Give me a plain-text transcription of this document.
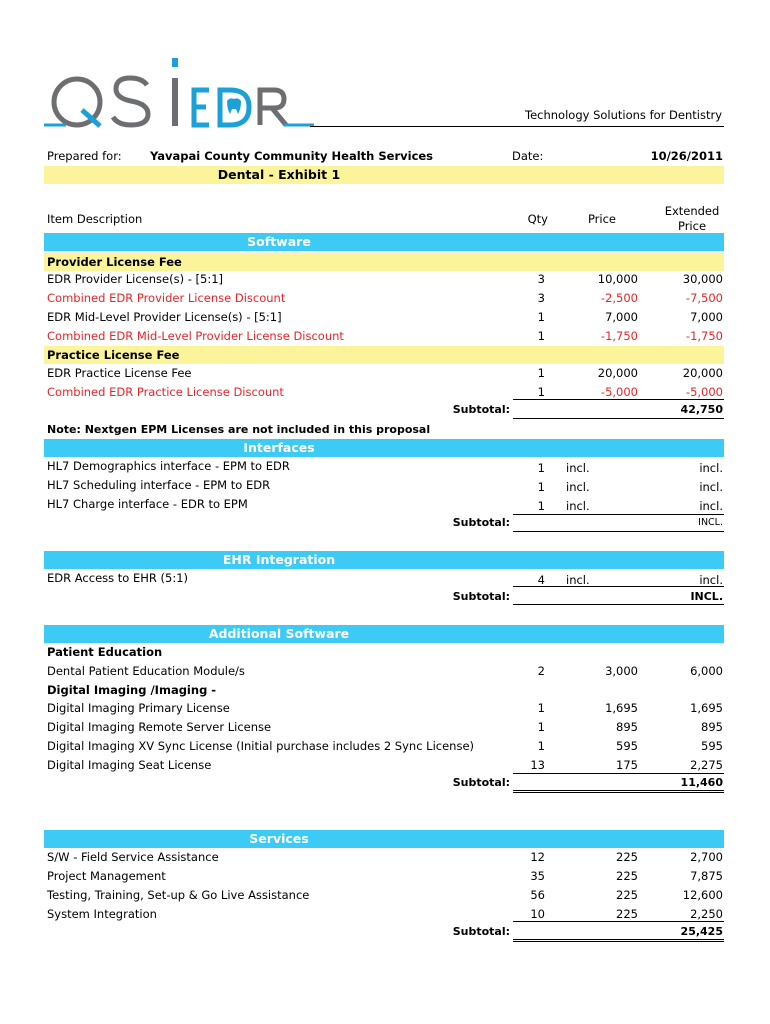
Technology Solutions for Dentistry
Prepared for: Yavapai County Community Health Services	Date:	10/26/2011
Dental - Exhibit 1
Item Description	Qty	Price
Extended
Price
Software
Provider License Fee
EDR Provider License(s) - [5:1]	3	10,000	30,000
Combined EDR Provider License Discount	3	-2,500	-7,500
EDR Mid-Level Provider License(s) - [5:1]	1	7,000	7,000
Combined EDR Mid-Level Provider License Discount	1	-1,750	-1,750
Practice License Fee
EDR Practice License Fee	1	20,000	20,000
Combined EDR Practice License Discount	1	-5,000	-5,000
Subtotal:	42,750
Note: Nextgen EPM Licenses are not included in this proposal
Interfaces
HL7 Demographics interface - EPM to EDR	1 incl.	incl.
HL7 Scheduling interface - EPM to EDR	1 incl.	incl.
HL7 Charge interface - EDR to EPM	1 incl.	incl.
Subtotal:	INCL.
EHR Integration
EDR Access to EHR (5:1)	4 incl.	incl.
Subtotal:	INCL.
Additional Software
Patient Education
Dental Patient Education Module/s	2	3,000	6,000
Digital Imaging /Imaging -
Digital Imaging Primary License	1	1,695	1,695
Digital Imaging Remote Server License	1	895	895
Digital Imaging XV Sync License (Initial purchase includes 2 Sync License)	1	595	595
Digital Imaging Seat License	13	175	2,275
Subtotal:	11,460
Services
S/W - Field Service Assistance	12	225	2,700
Project Management	35	225	7,875
Testing, Training, Set-up & Go Live Assistance	56	225	12,600
System Integration	10	225	2,250
Subtotal:	25,425
